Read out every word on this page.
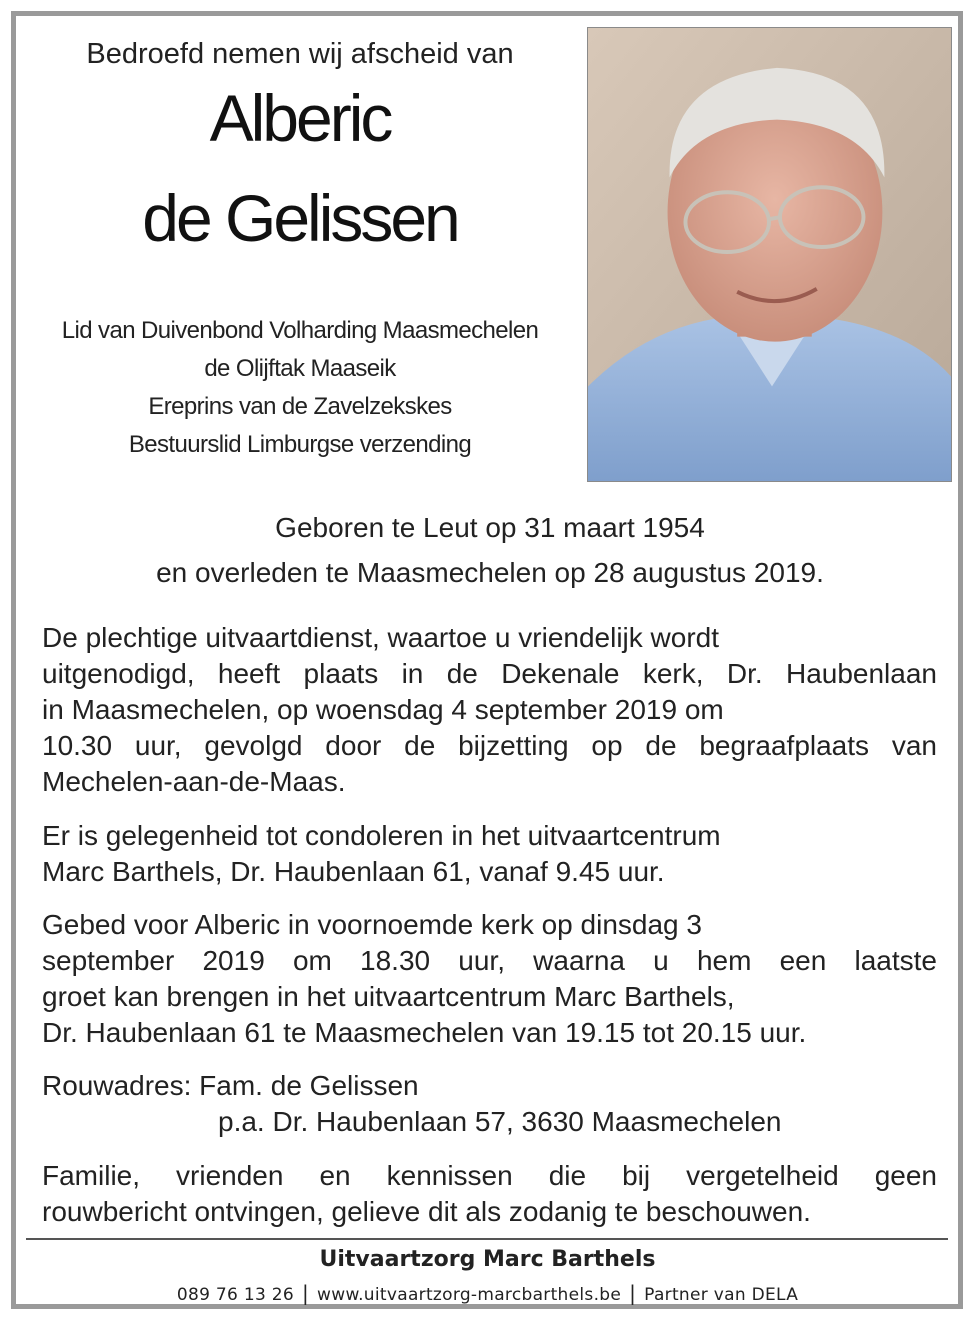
Bedroefd nemen wij afscheid van
Alberic
de Gelissen
Lid van Duivenbond Volharding Maasmechelen
de Olijftak Maaseik
Ereprins van de Zavelzekskes
Bestuurslid Limburgse verzending
Geboren te Leut op 31 maart 1954
en overleden te Maasmechelen op 28 augustus 2019.
De plechtige uitvaartdienst, waartoe u vriendelijk wordt
uitgenodigd, heeft plaats in de Dekenale kerk, Dr. Haubenlaan
in Maasmechelen, op woensdag 4 september 2019 om
10.30 uur, gevolgd door de bijzetting op de begraafplaats van
Mechelen-aan-de-Maas.
Er is gelegenheid tot condoleren in het uitvaartcentrum
Marc Barthels, Dr. Haubenlaan 61, vanaf 9.45 uur.
Gebed voor Alberic in voornoemde kerk op dinsdag 3
september 2019 om 18.30 uur, waarna u hem een laatste
groet kan brengen in het uitvaartcentrum Marc Barthels,
Dr. Haubenlaan 61 te Maasmechelen van 19.15 tot 20.15 uur.
Rouwadres: Fam. de Gelissen
p.a. Dr. Haubenlaan 57, 3630 Maasmechelen
Familie, vrienden en kennissen die bij vergetelheid geen
rouwbericht ontvingen, gelieve dit als zodanig te beschouwen.
Uitvaartzorg Marc Barthels
089 76 13 26 | www.uitvaartzorg-marcbarthels.be | Partner van DELA
